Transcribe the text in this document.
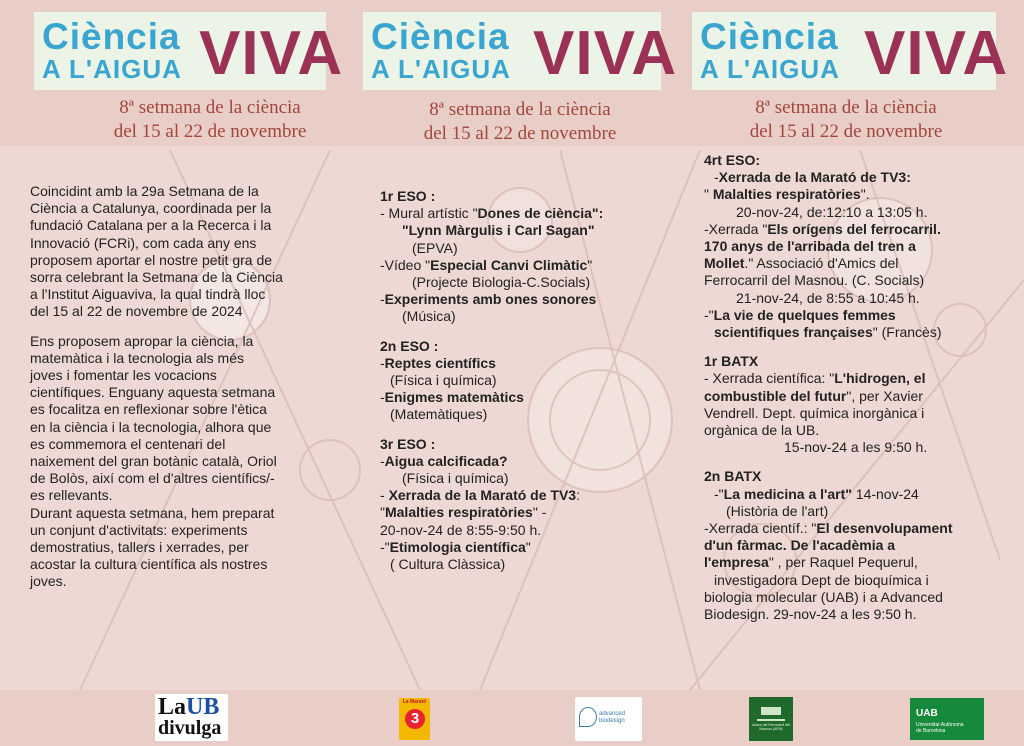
Ciència
A L'AIGUA VIVA Ciència
A L'AIGUA VIVA Ciència
A L'AIGUA VIVA
8ª setmana de la ciència
del 15 al 22 de novembre
8ª setmana de la ciència
del 15 al 22 de novembre
8ª setmana de la ciència
del 15 al 22 de novembre

Coincidint amb la 29a Setmana de la

Ciència a Catalunya, coordinada per la

fundació Catalana per a la Recerca i la

Innovació (FCRi), com cada any ens

proposem aportar el nostre petit gra de

sorra celebrant la Setmana de la Ciència

a l'Institut Aiguaviva, la qual tindrà lloc

del 15 al 22 de novembre de 2024

Ens proposem apropar la ciència, la

matemàtica i la tecnologia als més

joves i fomentar les vocacions

científiques. Enguany aquesta setmana

es focalitza en reflexionar sobre l'ètica

en la ciència i la tecnologia, alhora que

es commemora el centenari del

naixement del gran botànic català, Oriol

de Bolòs, així com el d'altres científics/-

es rellevants.

Durant aquesta setmana, hem preparat

un conjunt d'activitats: experiments

demostratius, tallers i xerrades, per

acostar la cultura científica als nostres

joves.

1r ESO :

- Mural artístic "Dones de ciència":

"Lynn Màrgulis i Carl Sagan"

(EPVA)

-Vídeo "Especial Canvi Climàtic"

(Projecte Biologia-C.Socials)

-Experiments amb ones sonores

(Música)

2n ESO :

-Reptes científics

(Física i química)

-Enigmes matemàtics

(Matemàtiques)

3r ESO :

-Aigua calcificada?

(Física i química)

- Xerrada de la Marató de TV3:

"Malalties respiratòries" -

20-nov-24 de 8:55-9:50 h.

-"Etimologia científica"

( Cultura Clàssica)

4rt ESO:

-Xerrada de la Marató de TV3:

" Malalties respiratòries".

20-nov-24, de:12:10 a 13:05 h.

-Xerrada "Els orígens del ferrocarril.

170 anys de l'arribada del tren a

Mollet." Associació d'Amics del

Ferrocarril del Masnou. (C. Socials)

21-nov-24, de 8:55 a 10:45 h.

-"La vie de quelques femmes

scientifiques françaises" (Francès)

1r BATX

- Xerrada científica: "L'hidrogen, el

combustible del futur", per Xavier

Vendrell. Dept. química inorgànica i

orgànica de la UB.

15-nov-24 a les 9:50 h.

2n BATX

-"La medicina a l'art" 14-nov-24

(Història de l'art)

-Xerrada científ.: "El desenvolupament

d'un fàrmac. De l'acadèmia a

l'empresa" , per Raquel Pequerul,

investigadora Dept de bioquímica i

biologia molecular (UAB) i a Advanced

Biodesign. 29-nov-24 a les 9:50 h.

LaUB
divulga
La Marató
3	advanced
biodesign
Amics del Ferrocarril del Masnou (AFM)
UAB
Universitat Autònoma
de Barcelona
